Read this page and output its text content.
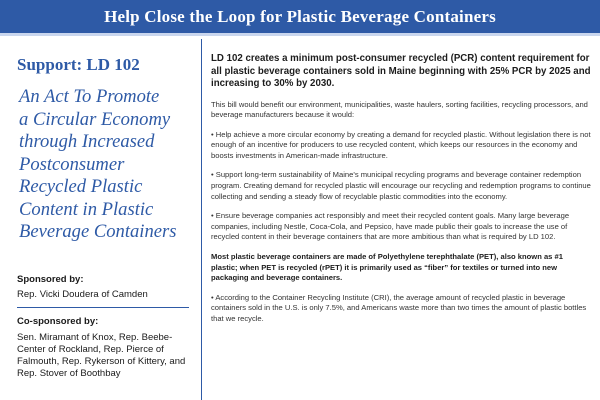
Help Close the Loop for Plastic Beverage Containers
Support: LD 102
An Act To Promote
a Circular Economy
through Increased
Postconsumer
Recycled Plastic
Content in Plastic
Beverage Containers
Sponsored by:
Rep. Vicki Doudera of Camden
Co-sponsored by:
Sen. Miramant of Knox, Rep. Beebe-Center of Rockland, Rep. Pierce of Falmouth, Rep. Rykerson of Kittery, and Rep. Stover of Boothbay
LD 102 creates a minimum post-consumer recycled (PCR) content requirement for all plastic beverage containers sold in Maine beginning with 25% PCR by 2025 and increasing to 30% by 2030.
This bill would benefit our environment, municipalities, waste haulers, sorting facilities, recycling processors, and beverage manufacturers because it would:
• Help achieve a more circular economy by creating a demand for recycled plastic. Without legislation there is not enough of an incentive for producers to use recycled content, which keeps our resources in the economy and boosts investments in American-made infrastructure.
• Support long-term sustainability of Maine's municipal recycling programs and beverage container redemption program. Creating demand for recycled plastic will encourage our recycling and redemption programs to continue collecting and sending a steady flow of recyclable plastic commodities into the economy.
• Ensure beverage companies act responsibly and meet their recycled content goals. Many large beverage companies, including Nestle, Coca-Cola, and Pepsico, have made public their goals to increase the use of recycled content in their beverage containers that are more ambitious than what is required by LD 102.
Most plastic beverage containers are made of Polyethylene terephthalate (PET), also known as #1 plastic; when PET is recycled (rPET) it is primarily used as “fiber” for textiles or turned into new packaging and beverage containers.
• According to the Container Recycling Institute (CRI), the average amount of recycled plastic in beverage containers sold in the U.S. is only 7.5%, and Americans waste more than two times the amount of plastic bottles that we recycle.
